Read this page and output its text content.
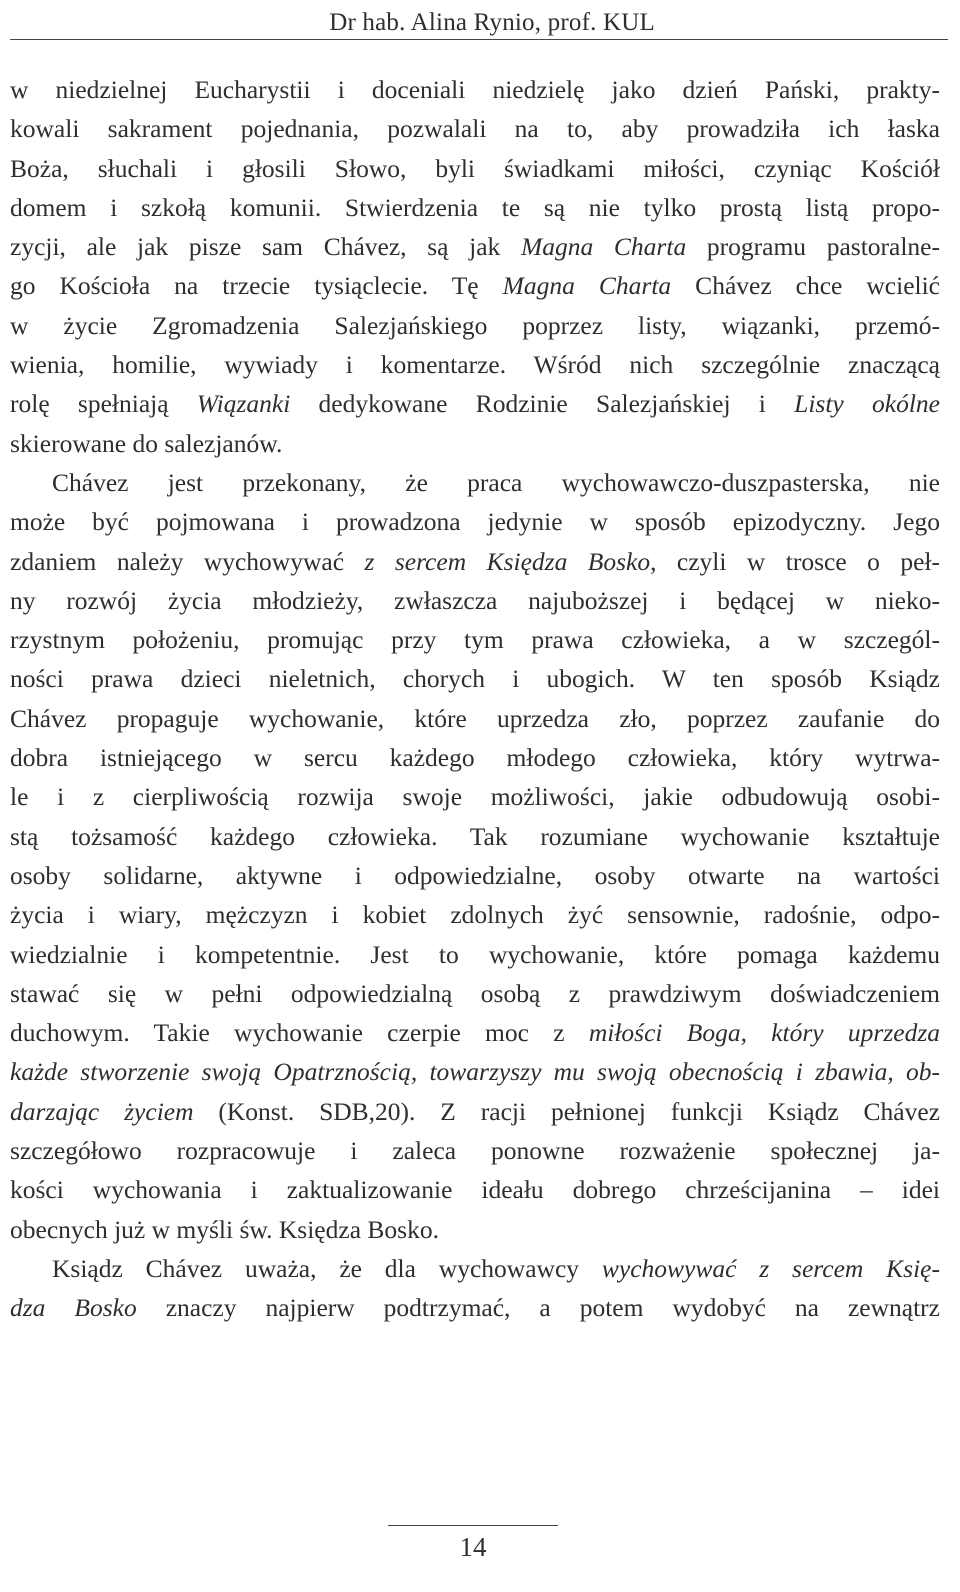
Dr hab. Alina Rynio, prof. KUL
w niedzielnej Eucharystii i doceniali niedzielę jako dzień Pański, prakty-
kowali sakrament pojednania, pozwalali na to, aby prowadziła ich łaska
Boża, słuchali i głosili Słowo, byli świadkami miłości, czyniąc Kościół
domem i szkołą komunii. Stwierdzenia te są nie tylko prostą listą propo-
zycji, ale jak pisze sam Chávez, są jak Magna Charta programu pastoralne-
go Kościoła na trzecie tysiąclecie. Tę Magna Charta Chávez chce wcielić
w życie Zgromadzenia Salezjańskiego poprzez listy, wiązanki, przemó-
wienia, homilie, wywiady i komentarze. Wśród nich szczególnie znaczącą
rolę spełniają Wiązanki dedykowane Rodzinie Salezjańskiej i Listy okólne
skierowane do salezjanów.
Chávez jest przekonany, że praca wychowawczo-duszpasterska, nie
może być pojmowana i prowadzona jedynie w sposób epizodyczny. Jego
zdaniem należy wychowywać z sercem Księdza Bosko, czyli w trosce o peł-
ny rozwój życia młodzieży, zwłaszcza najuboższej i będącej w nieko-
rzystnym położeniu, promując przy tym prawa człowieka, a w szczegól-
ności prawa dzieci nieletnich, chorych i ubogich. W ten sposób Ksiądz
Chávez propaguje wychowanie, które uprzedza zło, poprzez zaufanie do
dobra istniejącego w sercu każdego młodego człowieka, który wytrwa-
le i z cierpliwością rozwija swoje możliwości, jakie odbudowują osobi-
stą tożsamość każdego człowieka. Tak rozumiane wychowanie kształtuje
osoby solidarne, aktywne i odpowiedzialne, osoby otwarte na wartości
życia i wiary, mężczyzn i kobiet zdolnych żyć sensownie, radośnie, odpo-
wiedzialnie i kompetentnie. Jest to wychowanie, które pomaga każdemu
stawać się w pełni odpowiedzialną osobą z prawdziwym doświadczeniem
duchowym. Takie wychowanie czerpie moc z miłości Boga, który uprzedza
każde stworzenie swoją Opatrznością, towarzyszy mu swoją obecnością i zbawia, ob-
darzając życiem (Konst. SDB,20). Z racji pełnionej funkcji Ksiądz Chávez
szczegółowo rozpracowuje i zaleca ponowne rozważenie społecznej ja-
kości wychowania i zaktualizowanie ideału dobrego chrześcijanina – idei
obecnych już w myśli św. Księdza Bosko.
Ksiądz Chávez uważa, że dla wychowawcy wychowywać z sercem Księ-
dza Bosko znaczy najpierw podtrzymać, a potem wydobyć na zewnątrz
14
